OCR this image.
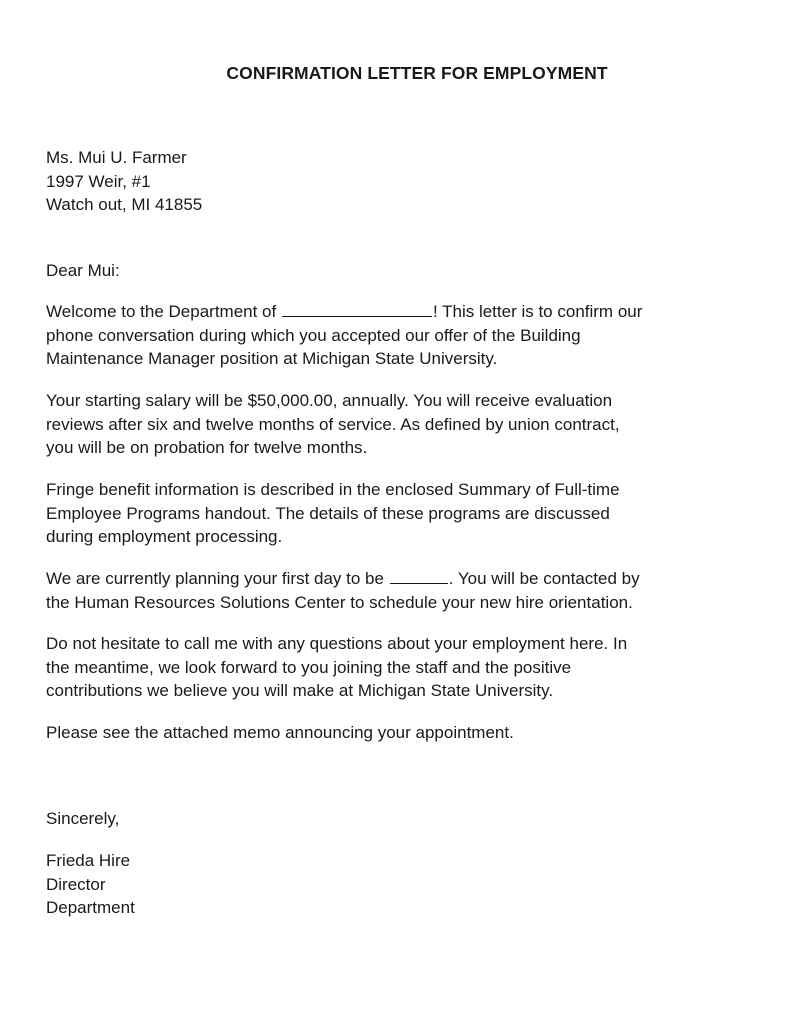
CONFIRMATION LETTER FOR EMPLOYMENT
Ms. Mui U. Farmer
1997 Weir, #1
Watch out, MI 41855
Dear Mui:
Welcome to the Department of	! This letter is to confirm our
phone conversation during which you accepted our offer of the Building
Maintenance Manager position at Michigan State University.
Your starting salary will be $50,000.00, annually. You will receive evaluation
reviews after six and twelve months of service. As defined by union contract,
you will be on probation for twelve months.
Fringe benefit information is described in the enclosed Summary of Full-time
Employee Programs handout. The details of these programs are discussed
during employment processing.
We are currently planning your first day to be	. You will be contacted by
the Human Resources Solutions Center to schedule your new hire orientation.
Do not hesitate to call me with any questions about your employment here. In
the meantime, we look forward to you joining the staff and the positive
contributions we believe you will make at Michigan State University.
Please see the attached memo announcing your appointment.
Sincerely,
Frieda Hire
Director
Department
